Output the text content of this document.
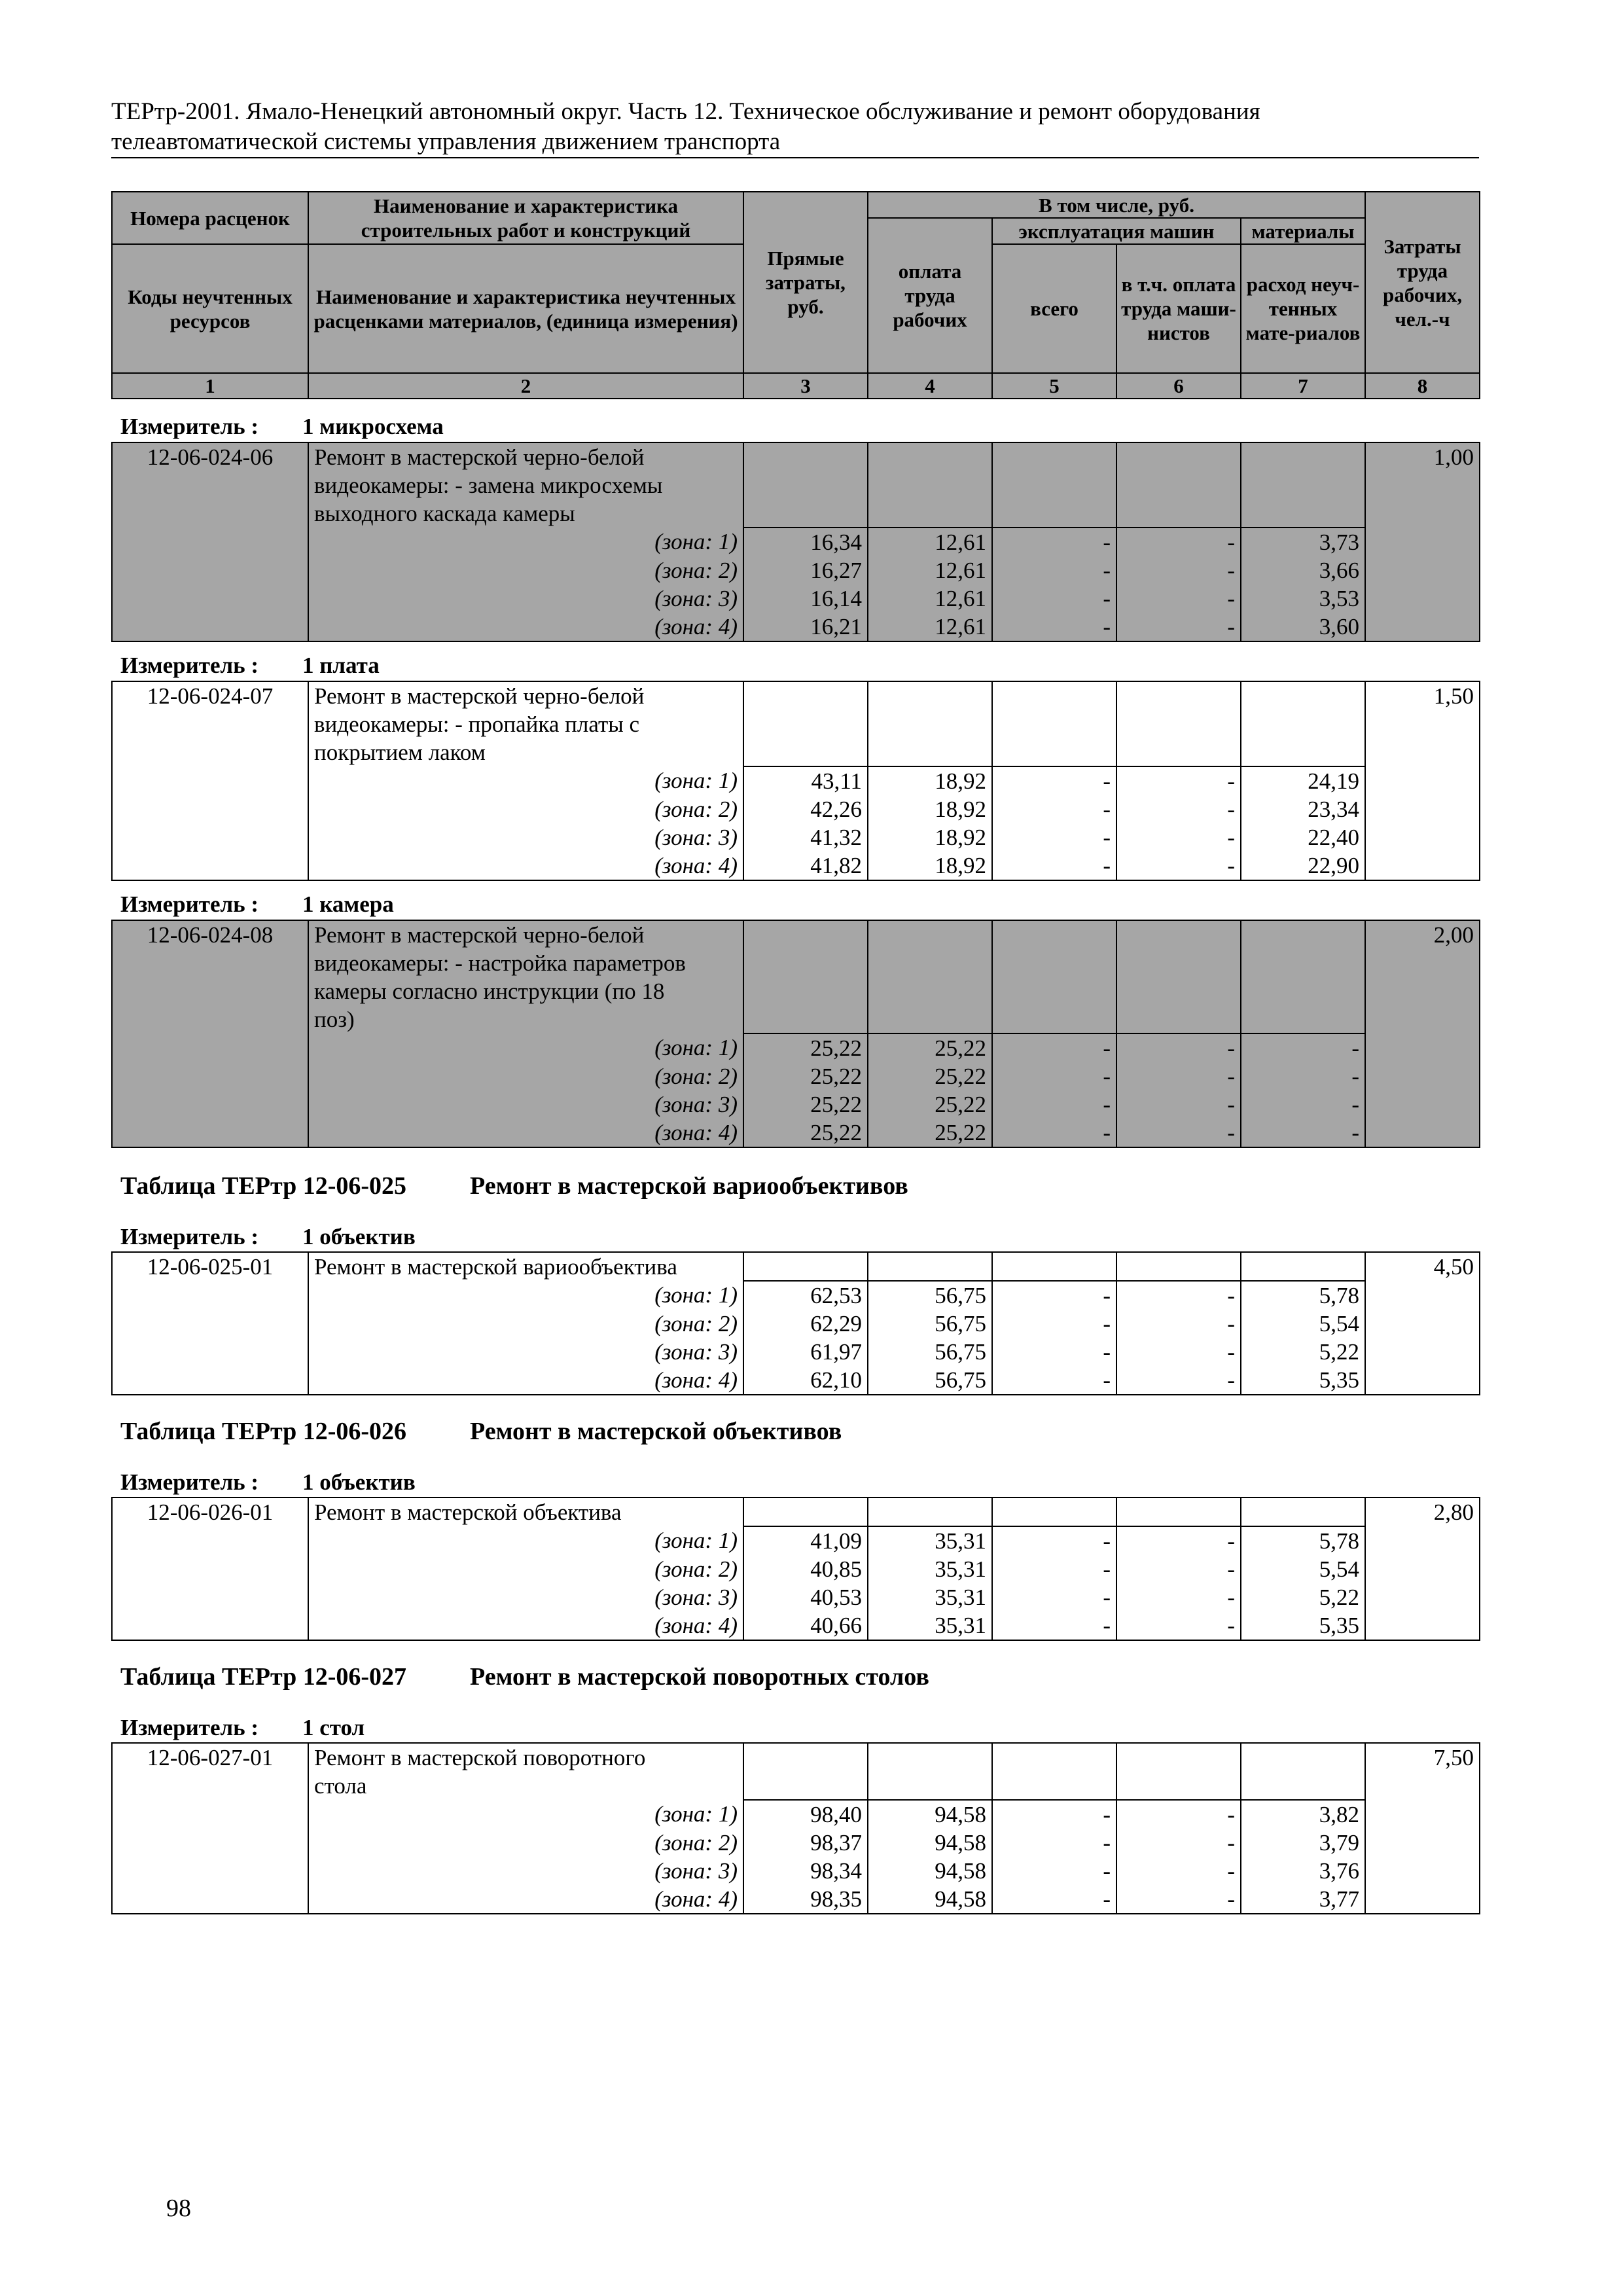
ТЕРтр-2001. Ямало-Ненецкий автономный округ. Часть 12. Техническое обслуживание и ремонт оборудования
телеавтоматической системы управления движением транспорта
Номера расценок	Наименование и характеристика строительных работ и конструкций	Прямые затраты, руб.	В том числе, руб.				Затраты труда рабочих, чел.-ч
			оплата труда рабочих	эксплуатация машин		материалы	
Коды неучтенных ресурсов	Наименование и характеристика неучтенных расценками материалов, (единица измерения)			всего	в т.ч. оплата труда маши-нистов	расход неуч-тенных мате-риалов	
1	2	3	4	5	6	7	8
Измеритель : 1 микросхема
12-06-024-06	Ремонт в мастерской черно-белой						1,00
	видеокамеры: - замена микросхемы						
	выходного каскада камеры						
	(зона: 1)	16,34	12,61	-	-	3,73	
	(зона: 2)	16,27	12,61	-	-	3,66	
	(зона: 3)	16,14	12,61	-	-	3,53	
	(зона: 4)	16,21	12,61	-	-	3,60	
Измеритель : 1 плата
12-06-024-07	Ремонт в мастерской черно-белой						1,50
	видеокамеры: - пропайка платы с						
	покрытием лаком						
	(зона: 1)	43,11	18,92	-	-	24,19	
	(зона: 2)	42,26	18,92	-	-	23,34	
	(зона: 3)	41,32	18,92	-	-	22,40	
	(зона: 4)	41,82	18,92	-	-	22,90	
Измеритель : 1 камера
12-06-024-08	Ремонт в мастерской черно-белой						2,00
	видеокамеры: - настройка параметров						
	камеры согласно инструкции (по 18						
	поз)						
	(зона: 1)	25,22	25,22	-	-	-	
	(зона: 2)	25,22	25,22	-	-	-	
	(зона: 3)	25,22	25,22	-	-	-	
	(зона: 4)	25,22	25,22	-	-	-	
Таблица ТЕРтр 12-06-025	Ремонт в мастерской вариообъективов
Измеритель : 1 объектив
12-06-025-01	Ремонт в мастерской вариообъектива						4,50
	(зона: 1)	62,53	56,75	-	-	5,78	
	(зона: 2)	62,29	56,75	-	-	5,54	
	(зона: 3)	61,97	56,75	-	-	5,22	
	(зона: 4)	62,10	56,75	-	-	5,35	
Таблица ТЕРтр 12-06-026	Ремонт в мастерской объективов
Измеритель : 1 объектив
12-06-026-01	Ремонт в мастерской объектива						2,80
	(зона: 1)	41,09	35,31	-	-	5,78	
	(зона: 2)	40,85	35,31	-	-	5,54	
	(зона: 3)	40,53	35,31	-	-	5,22	
	(зона: 4)	40,66	35,31	-	-	5,35	
Таблица ТЕРтр 12-06-027	Ремонт в мастерской поворотных столов
Измеритель : 1 стол
12-06-027-01	Ремонт в мастерской поворотного						7,50
	стола						
	(зона: 1)	98,40	94,58	-	-	3,82	
	(зона: 2)	98,37	94,58	-	-	3,79	
	(зона: 3)	98,34	94,58	-	-	3,76	
	(зона: 4)	98,35	94,58	-	-	3,77	
98
